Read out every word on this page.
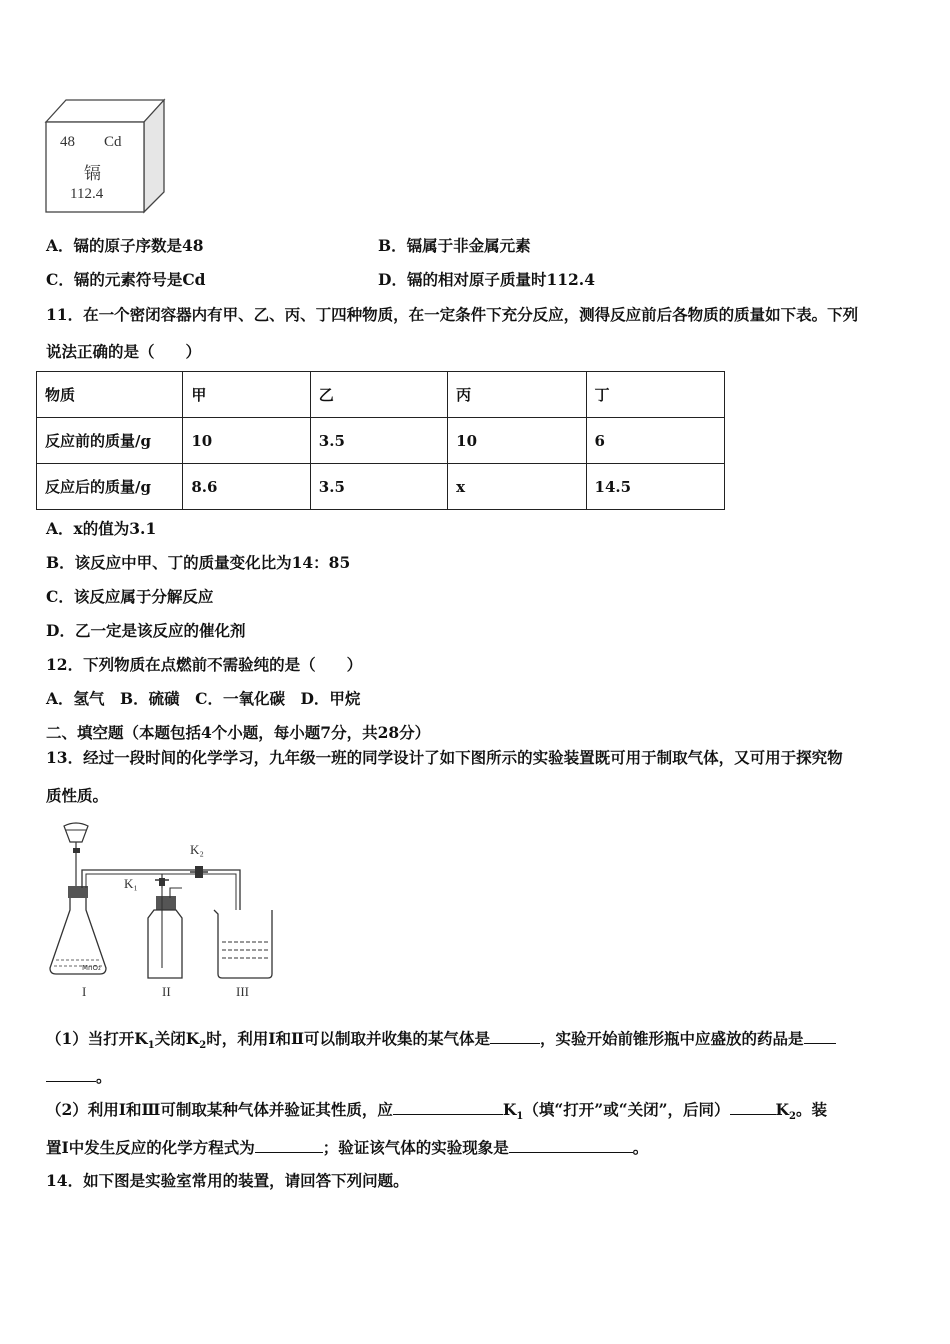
48 Cd
镉
112.4
A．镉的原子序数是48	B．镉属于非金属元素
C．镉的元素符号是Cd	D．镉的相对原子质量时112.4
11．在一个密闭容器内有甲、乙、丙、丁四种物质，在一定条件下充分反应，测得反应前后各物质的质量如下表。下列
说法正确的是（　　）
物质	甲	乙	丙	丁
反应前的质量/g	10	3.5	10	6
反应后的质量/g	8.6	3.5	x	14.5
A．x的值为3.1
B．该反应中甲、丁的质量变化比为14：85
C．该反应属于分解反应
D．乙一定是该反应的催化剂
12．下列物质在点燃前不需验纯的是（　　）
A．氢气　B．硫磺　C．一氧化碳　D．甲烷
二、填空题（本题包括4个小题，每小题7分，共28分）
13．经过一段时间的化学学习，九年级一班的同学设计了如下图所示的实验装置既可用于制取气体，又可用于探究物
质性质。
MnO₂
K₂
K₁
I	II	III
（1）当打开$K_1$关闭$K_2$时，利用Ⅰ和Ⅱ可以制取并收集的某气体是	，实验开始前锥形瓶中应盛放的药品是
。
（2）利用Ⅰ和Ⅲ可制取某种气体并验证其性质，应	$K_1$（填“打开”或“关闭”，后同）	$K_2$。装
置Ⅰ中发生反应的化学方程式为	；验证该气体的实验现象是	。
14．如下图是实验室常用的装置，请回答下列问题。
